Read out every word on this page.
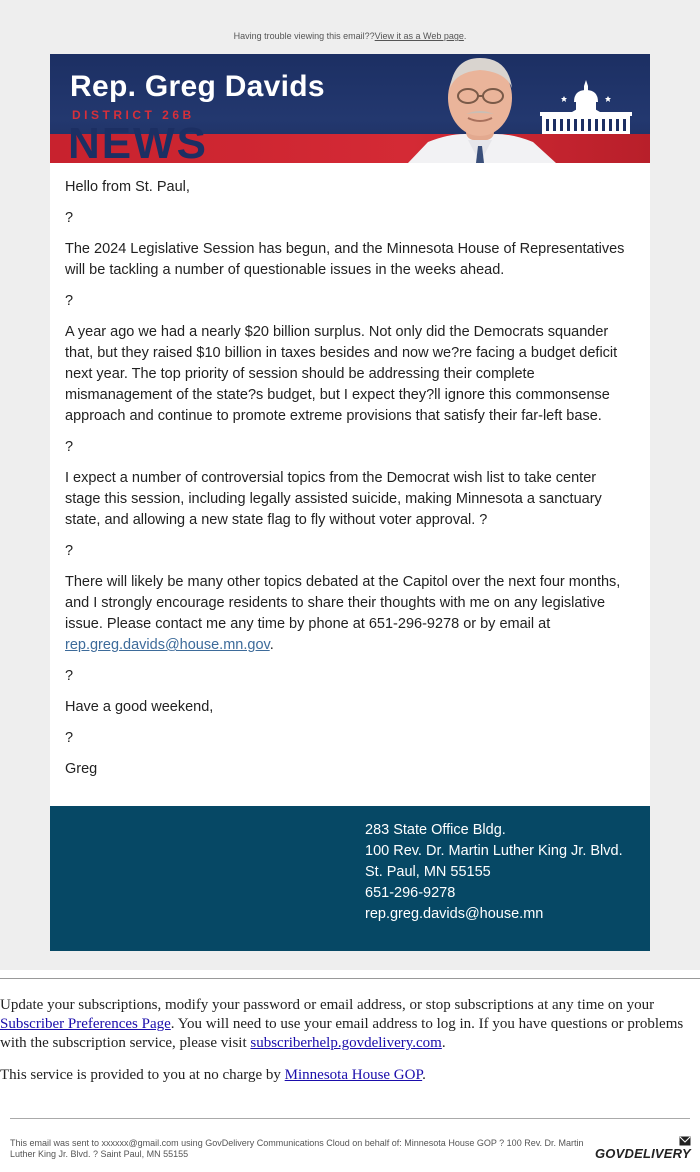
Having trouble viewing this email??View it as a Web page.
Rep. Greg Davids
DISTRICT 26B
NEWS

Hello from St. Paul,

?

The 2024 Legislative Session has begun, and the Minnesota House of Representatives will be tackling a number of questionable issues in the weeks ahead.

?

A year ago we had a nearly $20 billion surplus. Not only did the Democrats squander that, but they raised $10 billion in taxes besides and now we?re facing a budget deficit next year. The top priority of session should be addressing their complete mismanagement of the state?s budget, but I expect they?ll ignore this commonsense approach and continue to promote extreme provisions that satisfy their far-left base.

?

I expect a number of controversial topics from the Democrat wish list to take center stage this session, including legally assisted suicide, making Minnesota a sanctuary state, and allowing a new state flag to fly without voter approval. ?

?

There will likely be many other topics debated at the Capitol over the next four months, and I strongly encourage residents to share their thoughts with me on any legislative issue. Please contact me any time by phone at 651-296-9278 or by email at rep.greg.davids@house.mn.gov.

?

Have a good weekend,

?

Greg

283 State Office Bldg.
100 Rev. Dr. Martin Luther King Jr. Blvd.
St. Paul, MN 55155
651-296-9278
rep.greg.davids@house.mn

Update your subscriptions, modify your password or email address, or stop subscriptions at any time on your Subscriber Preferences Page. You will need to use your email address to log in. If you have questions or problems with the subscription service, please visit subscriberhelp.govdelivery.com.

This service is provided to you at no charge by Minnesota House GOP.

This email was sent to xxxxxx@gmail.com using GovDelivery Communications Cloud on behalf of: Minnesota House GOP ? 100 Rev. Dr. Martin Luther King Jr. Blvd. ? Saint Paul, MN 55155	GOVDELIVERY
